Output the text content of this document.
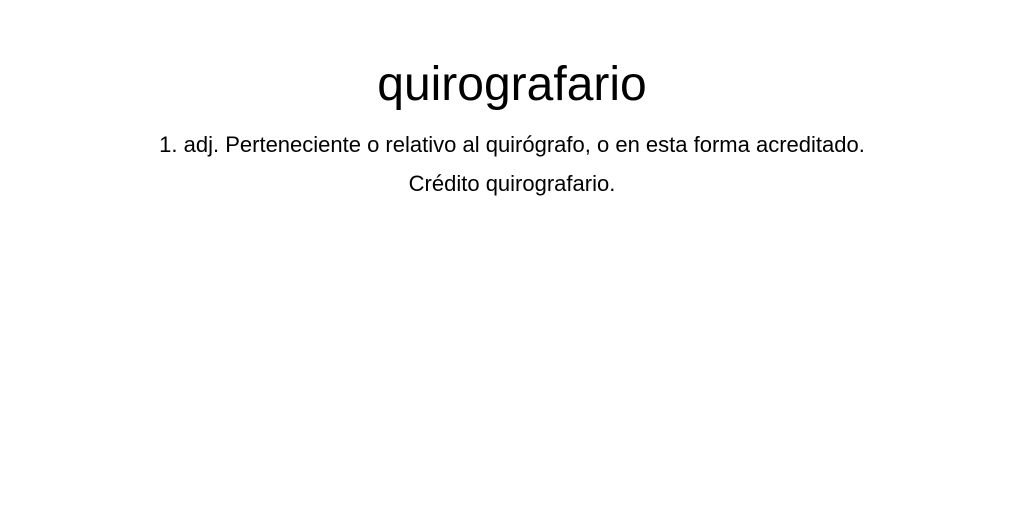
quirografario

1. adj. Perteneciente o relativo al quirógrafo, o en esta forma acreditado.

Crédito quirografario.
